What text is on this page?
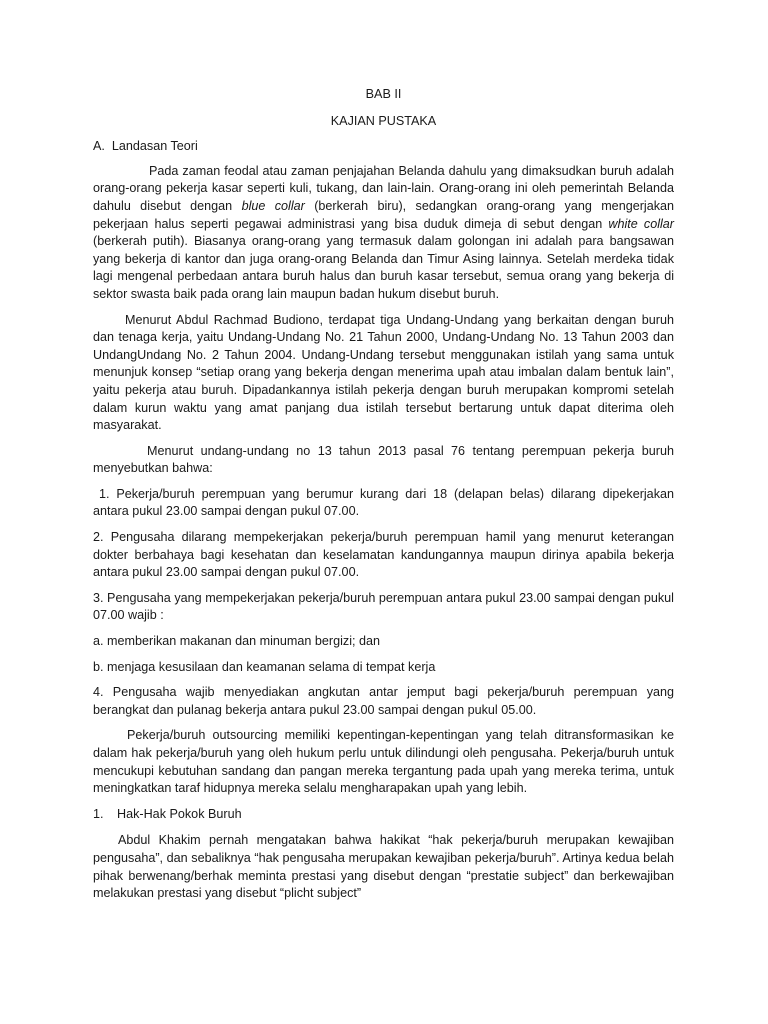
BAB II

KAJIAN PUSTAKA

A. Landasan Teori

Pada zaman feodal atau zaman penjajahan Belanda dahulu yang dimaksudkan buruh adalah orang-orang pekerja kasar seperti kuli, tukang, dan lain-lain. Orang-orang ini oleh pemerintah Belanda dahulu disebut dengan blue collar (berkerah biru), sedangkan orang-orang yang mengerjakan pekerjaan halus seperti pegawai administrasi yang bisa duduk dimeja di sebut dengan white collar (berkerah putih). Biasanya orang-orang yang termasuk dalam golongan ini adalah para bangsawan yang bekerja di kantor dan juga orang-orang Belanda dan Timur Asing lainnya. Setelah merdeka tidak lagi mengenal perbedaan antara buruh halus dan buruh kasar tersebut, semua orang yang bekerja di sektor swasta baik pada orang lain maupun badan hukum disebut buruh.

Menurut Abdul Rachmad Budiono, terdapat tiga Undang-Undang yang berkaitan dengan buruh dan tenaga kerja, yaitu Undang-Undang No. 21 Tahun 2000, Undang-Undang No. 13 Tahun 2003 dan UndangUndang No. 2 Tahun 2004. Undang-Undang tersebut menggunakan istilah yang sama untuk menunjuk konsep “setiap orang yang bekerja dengan menerima upah atau imbalan dalam bentuk lain”, yaitu pekerja atau buruh. Dipadankannya istilah pekerja dengan buruh merupakan kompromi setelah dalam kurun waktu yang amat panjang dua istilah tersebut bertarung untuk dapat diterima oleh masyarakat.

Menurut undang-undang no 13 tahun 2013 pasal 76 tentang perempuan pekerja buruh menyebutkan bahwa:

1. Pekerja/buruh perempuan yang berumur kurang dari 18 (delapan belas) dilarang dipekerjakan antara pukul 23.00 sampai dengan pukul 07.00.

2. Pengusaha dilarang mempekerjakan pekerja/buruh perempuan hamil yang menurut keterangan dokter berbahaya bagi kesehatan dan keselamatan kandungannya maupun dirinya apabila bekerja antara pukul 23.00 sampai dengan pukul 07.00.

3. Pengusaha yang mempekerjakan pekerja/buruh perempuan antara pukul 23.00 sampai dengan pukul 07.00 wajib :

a. memberikan makanan dan minuman bergizi; dan

b. menjaga kesusilaan dan keamanan selama di tempat kerja

4. Pengusaha wajib menyediakan angkutan antar jemput bagi pekerja/buruh perempuan yang berangkat dan pulanag bekerja antara pukul 23.00 sampai dengan pukul 05.00.

Pekerja/buruh outsourcing memiliki kepentingan-kepentingan yang telah ditransformasikan ke dalam hak pekerja/buruh yang oleh hukum perlu untuk dilindungi oleh pengusaha. Pekerja/buruh untuk mencukupi kebutuhan sandang dan pangan mereka tergantung pada upah yang mereka terima, untuk meningkatkan taraf hidupnya mereka selalu mengharapakan upah yang lebih.

1. Hak-Hak Pokok Buruh

Abdul Khakim pernah mengatakan bahwa hakikat “hak pekerja/buruh merupakan kewajiban pengusaha”, dan sebaliknya “hak pengusaha merupakan kewajiban pekerja/buruh”. Artinya kedua belah pihak berwenang/berhak meminta prestasi yang disebut dengan “prestatie subject” dan berkewajiban melakukan prestasi yang disebut “plicht subject”
